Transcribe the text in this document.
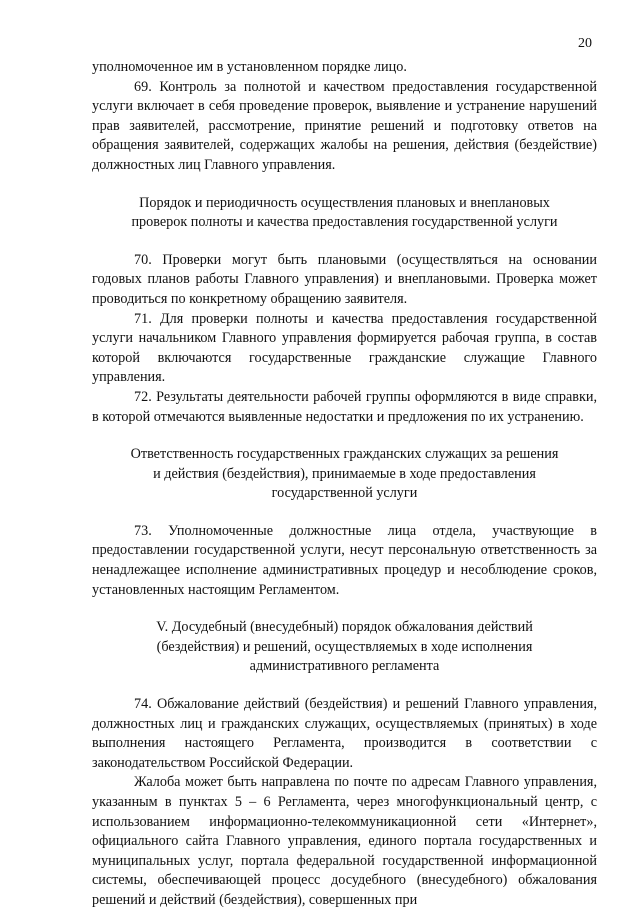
20

уполномоченное им в установленном порядке лицо.

69. Контроль за полнотой и качеством предоставления государственной услуги включает в себя проведение проверок, выявление и устранение нарушений прав заявителей, рассмотрение, принятие решений и подготовку ответов на обращения заявителей, содержащих жалобы на решения, действия (бездействие) должностных лиц Главного управления.

Порядок и периодичность осуществления плановых и внеплановых
проверок полноты и качества предоставления государственной услуги

70. Проверки могут быть плановыми (осуществляться на основании годовых планов работы Главного управления) и внеплановыми. Проверка может проводиться по конкретному обращению заявителя.

71. Для проверки полноты и качества предоставления государственной услуги начальником Главного управления формируется рабочая группа, в состав которой включаются государственные гражданские служащие Главного управления.

72. Результаты деятельности рабочей группы оформляются в виде справки, в которой отмечаются выявленные недостатки и предложения по их устранению.

Ответственность государственных гражданских служащих за решения
и действия (бездействия), принимаемые в ходе предоставления
государственной услуги

73. Уполномоченные должностные лица отдела, участвующие в предоставлении государственной услуги, несут персональную ответственность за ненадлежащее исполнение административных процедур и несоблюдение сроков, установленных настоящим Регламентом.

V. Досудебный (внесудебный) порядок обжалования действий
(бездействия) и решений, осуществляемых в ходе исполнения
административного регламента

74. Обжалование действий (бездействия) и решений Главного управления, должностных лиц и гражданских служащих, осуществляемых (принятых) в ходе выполнения настоящего Регламента, производится в соответствии с законодательством Российской Федерации.

Жалоба может быть направлена по почте по адресам Главного управления, указанным в пунктах 5 – 6 Регламента, через многофункциональный центр, с использованием информационно-телекоммуникационной сети «Интернет», официального сайта Главного управления, единого портала государственных и муниципальных услуг, портала федеральной государственной информационной системы, обеспечивающей процесс досудебного (внесудебного) обжалования решений и действий (бездействия), совершенных при
